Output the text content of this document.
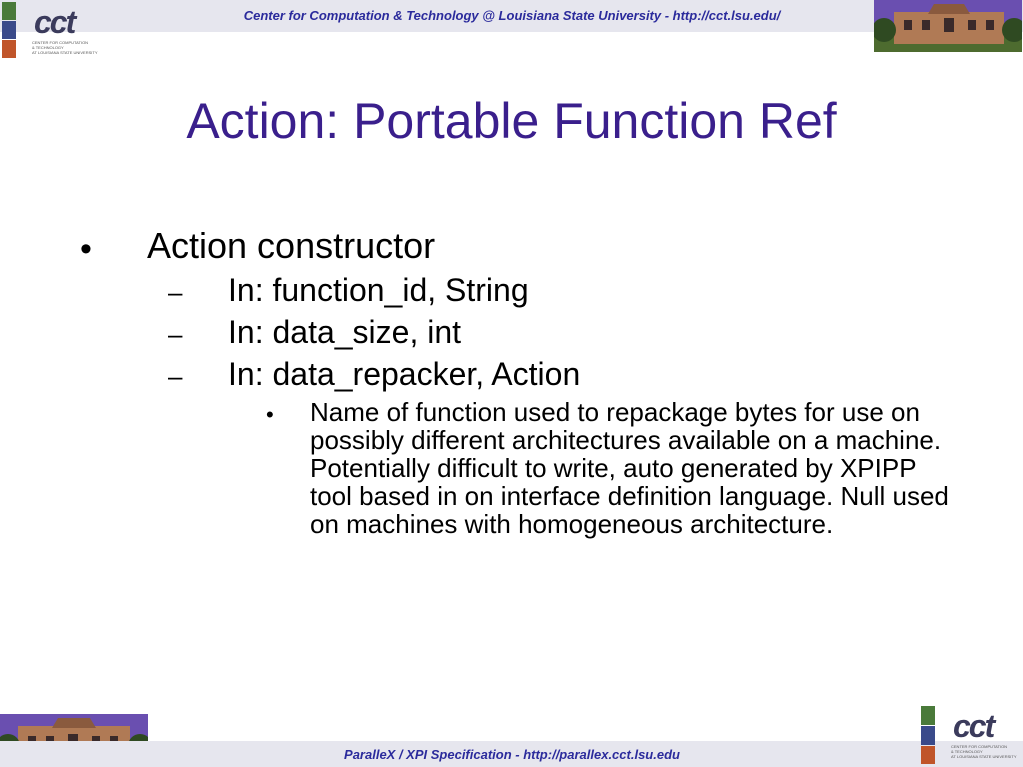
Center for Computation & Technology @ Louisiana State University - http://cct.lsu.edu/
cct
CENTER FOR COMPUTATION
& TECHNOLOGY
AT LOUISIANA STATE UNIVERSITY
Action: Portable Function Ref
• Action constructor
– In: function_id, String
– In: data_size, int
– In: data_repacker, Action
• Name of function used to repackage bytes for use on possibly different architectures available on a machine. Potentially difficult to write, auto generated by XPIPP tool based in on interface definition language. Null used on machines with homogeneous architecture.
ParalleX / XPI Specification - http://parallex.cct.lsu.edu
cct
CENTER FOR COMPUTATION
& TECHNOLOGY
AT LOUISIANA STATE UNIVERSITY
